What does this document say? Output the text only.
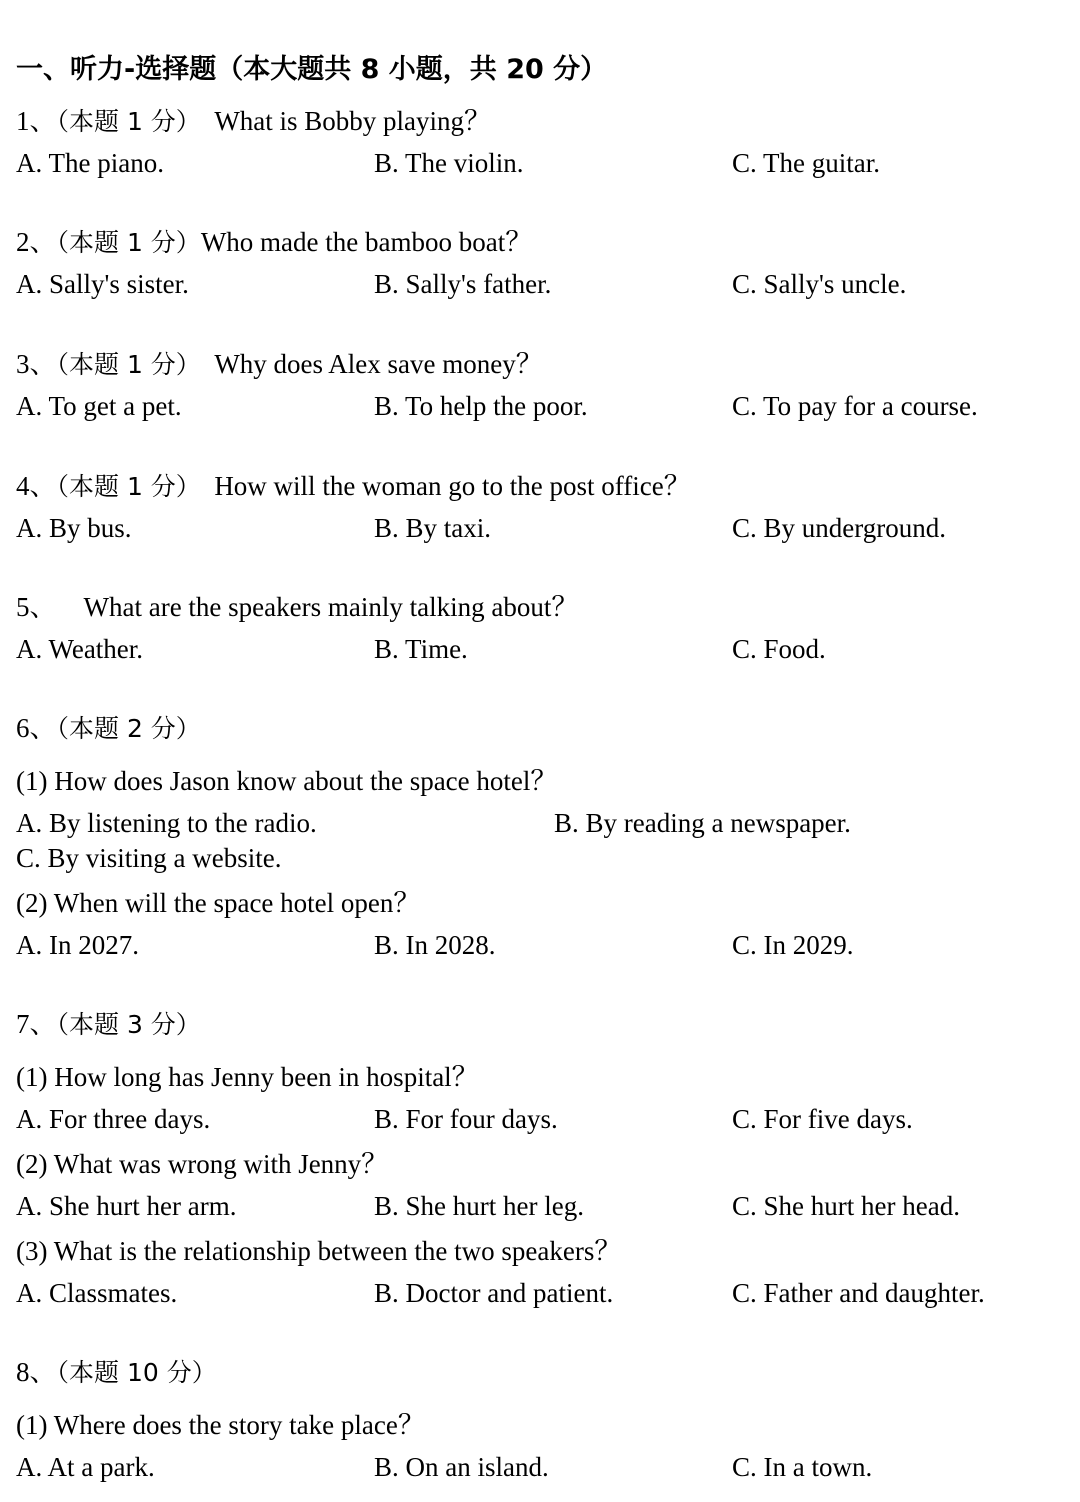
一、听力-选择题（本大题共 8 小题，共 20 分）
1、（本题 1 分） What is Bobby playing？
A. The piano.	B. The violin.	C. The guitar.
2、（本题 1 分）Who made the bamboo boat？
A. Sally's sister.	B. Sally's father.	C. Sally's uncle.
3、（本题 1 分） Why does Alex save money？
A. To get a pet.	B. To help the poor.	C. To pay for a course.
4、（本题 1 分） How will the woman go to the post office？
A. By bus.	B. By taxi.	C. By underground.
5、 What are the speakers mainly talking about？
A. Weather.	B. Time.	C. Food.
6、（本题 2 分）
(1) How does Jason know about the space hotel？
A. By listening to the radio.	B. By reading a newspaper.
C. By visiting a website.
(2) When will the space hotel open？
A. In 2027.	B. In 2028.	C. In 2029.
7、（本题 3 分）
(1) How long has Jenny been in hospital？
A. For three days.	B. For four days.	C. For five days.
(2) What was wrong with Jenny？
A. She hurt her arm.	B. She hurt her leg.	C. She hurt her head.
(3) What is the relationship between the two speakers？
A. Classmates.	B. Doctor and patient.	C. Father and daughter.
8、（本题 10 分）
(1) Where does the story take place？
A. At a park.	B. On an island.	C. In a town.
